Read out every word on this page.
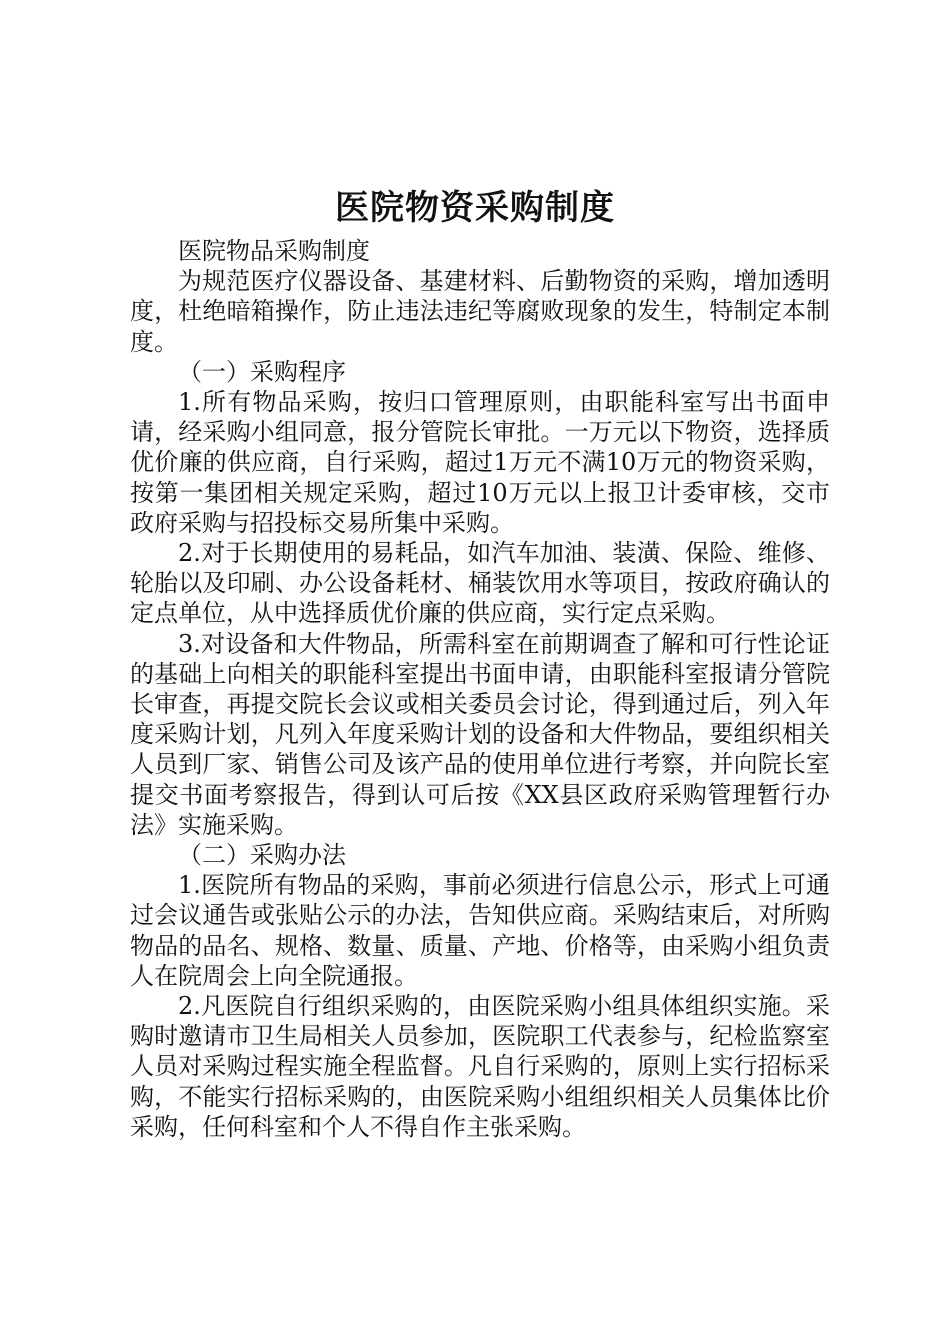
医院物资采购制度

医院物品采购制度

为规范医疗仪器设备、基建材料、后勤物资的采购，增加透明度，杜绝暗箱操作，防止违法违纪等腐败现象的发生，特制定本制度。

（一）采购程序

1.所有物品采购，按归口管理原则，由职能科室写出书面申请，经采购小组同意，报分管院长审批。一万元以下物资，选择质优价廉的供应商，自行采购，超过1万元不满10万元的物资采购，按第一集团相关规定采购，超过10万元以上报卫计委审核，交市政府采购与招投标交易所集中采购。

2.对于长期使用的易耗品，如汽车加油、装潢、保险、维修、轮胎以及印刷、办公设备耗材、桶装饮用水等项目，按政府确认的定点单位，从中选择质优价廉的供应商，实行定点采购。

3.对设备和大件物品，所需科室在前期调查了解和可行性论证的基础上向相关的职能科室提出书面申请，由职能科室报请分管院长审查，再提交院长会议或相关委员会讨论，得到通过后，列入年度采购计划，凡列入年度采购计划的设备和大件物品，要组织相关人员到厂家、销售公司及该产品的使用单位进行考察，并向院长室提交书面考察报告，得到认可后按《XX县区政府采购管理暂行办法》实施采购。

（二）采购办法

1.医院所有物品的采购，事前必须进行信息公示，形式上可通过会议通告或张贴公示的办法，告知供应商。采购结束后，对所购物品的品名、规格、数量、质量、产地、价格等，由采购小组负责人在院周会上向全院通报。

2.凡医院自行组织采购的，由医院采购小组具体组织实施。采购时邀请市卫生局相关人员参加，医院职工代表参与，纪检监察室人员对采购过程实施全程监督。凡自行采购的，原则上实行招标采购，不能实行招标采购的，由医院采购小组组织相关人员集体比价采购，任何科室和个人不得自作主张采购。
